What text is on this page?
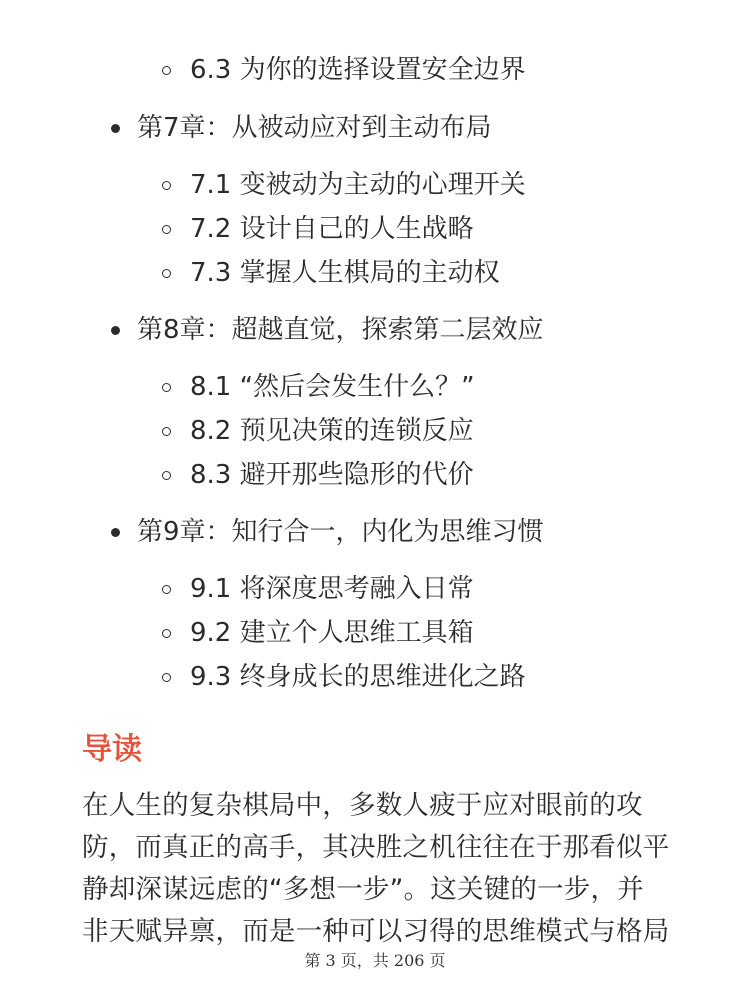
6.3 为你的选择设置安全边界
第7章：从被动应对到主动布局
7.1 变被动为主动的心理开关
7.2 设计自己的人生战略
7.3 掌握人生棋局的主动权
第8章：超越直觉，探索第二层效应
8.1 “然后会发生什么？”
8.2 预见决策的连锁反应
8.3 避开那些隐形的代价
第9章：知行合一，内化为思维习惯
9.1 将深度思考融入日常
9.2 建立个人思维工具箱
9.3 终身成长的思维进化之路
导读
在人生的复杂棋局中，多数人疲于应对眼前的攻
防，而真正的高手，其决胜之机往往在于那看似平
静却深谋远虑的“多想一步”。这关键的一步，并
非天赋异禀，而是一种可以习得的思维模式与格局
第 3 页，共 206 页
